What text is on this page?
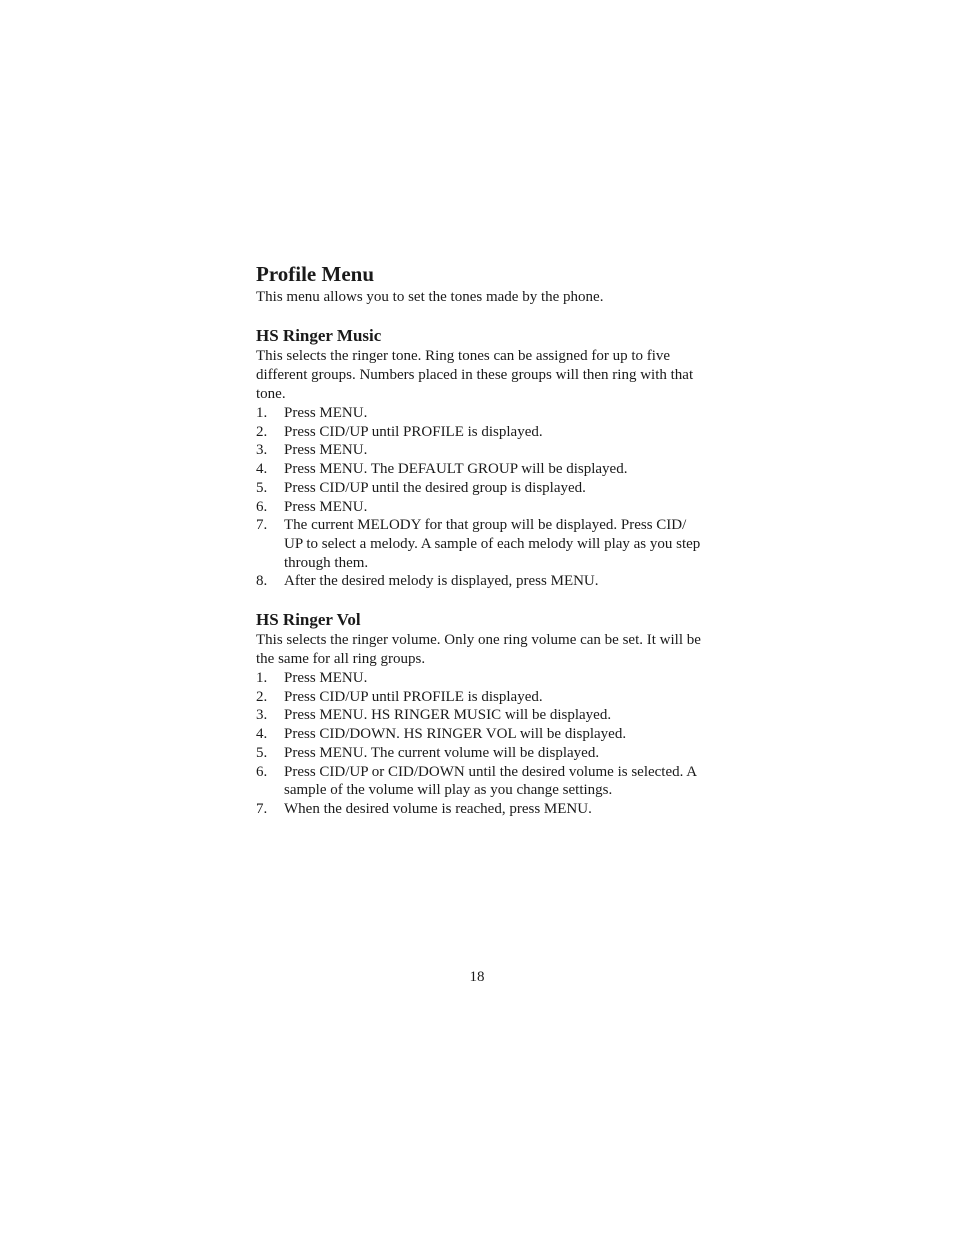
Profile Menu

This menu allows you to set the tones made by the phone.

HS Ringer Music

This selects the ringer tone. Ring tones can be assigned for up to five different groups. Numbers placed in these groups will then ring with that tone.

1.	Press MENU.
2.	Press CID/UP until PROFILE is displayed.
3.	Press MENU.
4.	Press MENU. The DEFAULT GROUP will be displayed.
5.	Press CID/UP until the desired group is displayed.
6.	Press MENU.
7.	The current MELODY for that group will be displayed. Press CID/ UP to select a melody. A sample of each melody will play as you step through them.
8.	After the desired melody is displayed, press MENU.
HS Ringer Vol

This selects the ringer volume. Only one ring volume can be set. It will be the same for all ring groups.

1.	Press MENU.
2.	Press CID/UP until PROFILE is displayed.
3.	Press MENU. HS RINGER MUSIC will be displayed.
4.	Press CID/DOWN. HS RINGER VOL will be displayed.
5.	Press MENU. The current volume will be displayed.
6.	Press CID/UP or CID/DOWN until the desired volume is selected. A sample of the volume will play as you change settings.
7.	When the desired volume is reached, press MENU.
18
